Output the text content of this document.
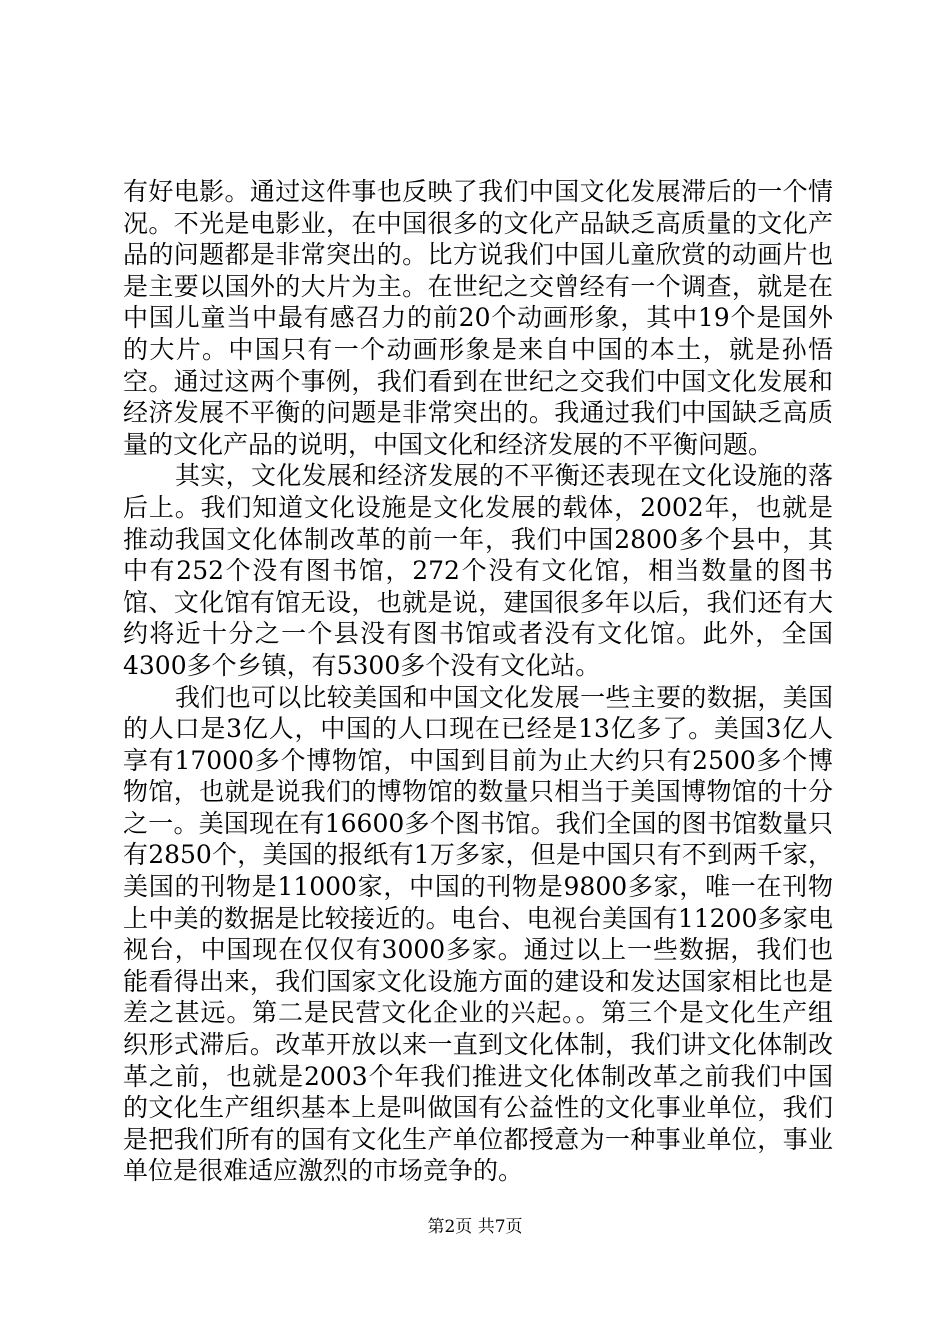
有好电影。通过这件事也反映了我们中国文化发展滞后的一个情况。不光是电影业，在中国很多的文化产品缺乏高质量的文化产品的问题都是非常突出的。比方说我们中国儿童欣赏的动画片也是主要以国外的大片为主。在世纪之交曾经有一个调查，就是在中国儿童当中最有感召力的前20个动画形象，其中19个是国外的大片。中国只有一个动画形象是来自中国的本土，就是孙悟空。通过这两个事例，我们看到在世纪之交我们中国文化发展和经济发展不平衡的问题是非常突出的。我通过我们中国缺乏高质量的文化产品的说明，中国文化和经济发展的不平衡问题。

其实，文化发展和经济发展的不平衡还表现在文化设施的落后上。我们知道文化设施是文化发展的载体，2002年，也就是推动我国文化体制改革的前一年，我们中国2800多个县中，其中有252个没有图书馆，272个没有文化馆，相当数量的图书馆、文化馆有馆无设，也就是说，建国很多年以后，我们还有大约将近十分之一个县没有图书馆或者没有文化馆。此外，全国4300多个乡镇，有5300多个没有文化站。

我们也可以比较美国和中国文化发展一些主要的数据，美国的人口是3亿人，中国的人口现在已经是13亿多了。美国3亿人享有17000多个博物馆，中国到目前为止大约只有2500多个博物馆，也就是说我们的博物馆的数量只相当于美国博物馆的十分之一。美国现在有16600多个图书馆。我们全国的图书馆数量只有2850个，美国的报纸有1万多家，但是中国只有不到两千家，美国的刊物是11000家，中国的刊物是9800多家，唯一在刊物上中美的数据是比较接近的。电台、电视台美国有11200多家电视台，中国现在仅仅有3000多家。通过以上一些数据，我们也能看得出来，我们国家文化设施方面的建设和发达国家相比也是差之甚远。第二是民营文化企业的兴起。。第三个是文化生产组织形式滞后。改革开放以来一直到文化体制，我们讲文化体制改革之前，也就是2003个年我们推进文化体制改革之前我们中国的文化生产组织基本上是叫做国有公益性的文化事业单位，我们是把我们所有的国有文化生产单位都授意为一种事业单位，事业单位是很难适应激烈的市场竞争的。

第2页 共7页
